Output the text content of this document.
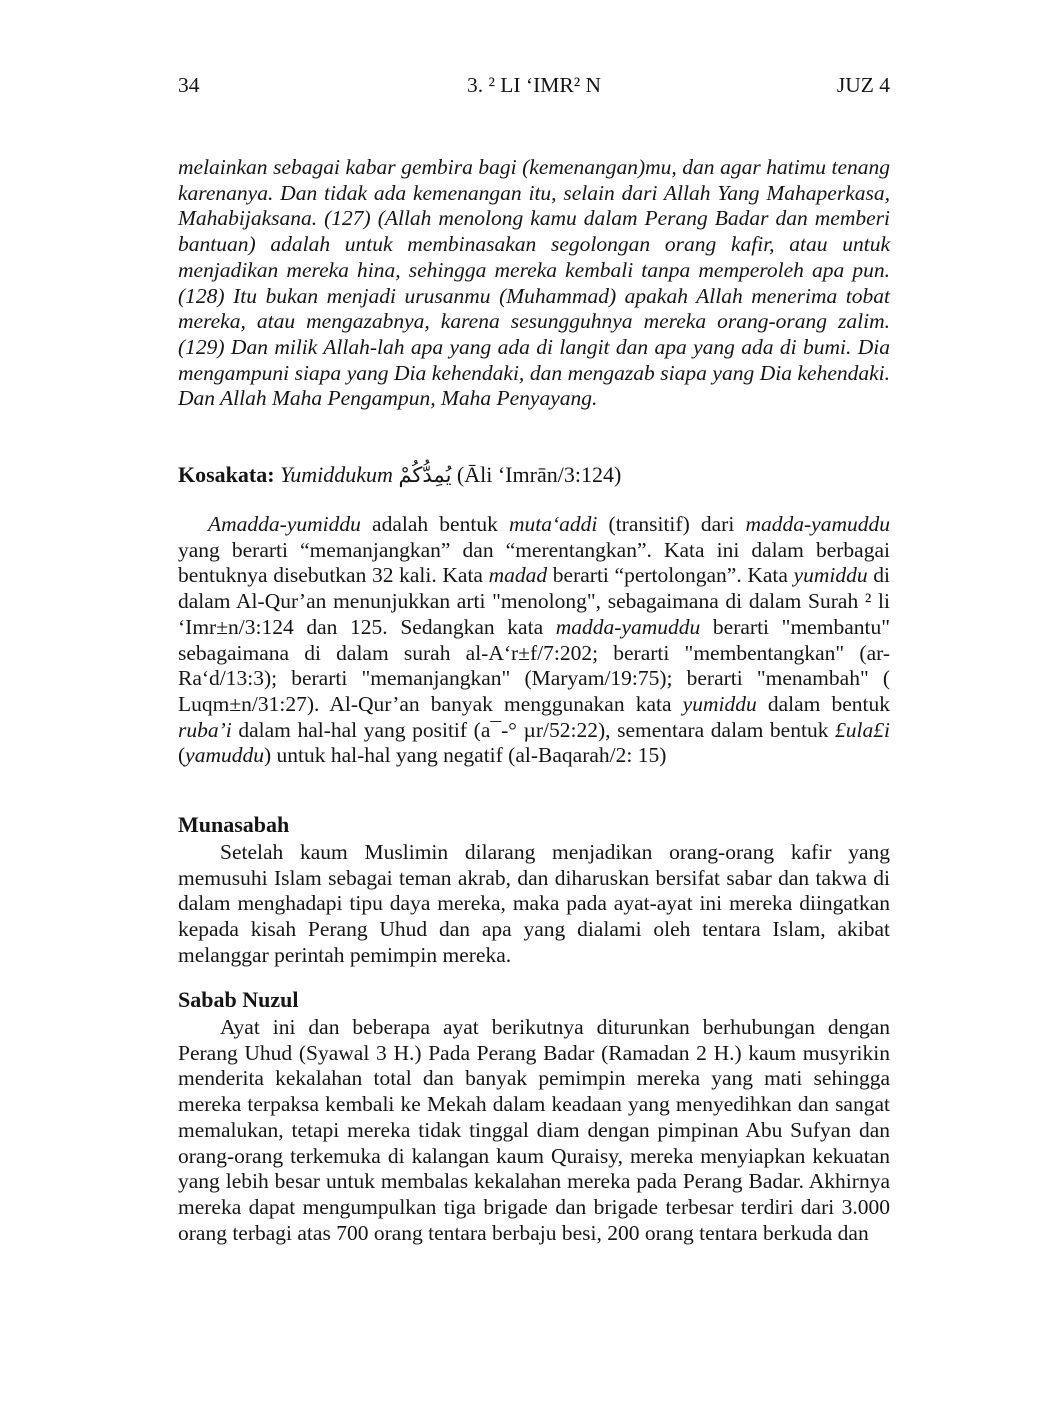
34	3. ² LI ‘IMR² N	JUZ 4

melainkan sebagai kabar gembira bagi (kemenangan)mu, dan agar hatimu tenang karenanya. Dan tidak ada kemenangan itu, selain dari Allah Yang Mahaperkasa, Mahabijaksana. (127) (Allah menolong kamu dalam Perang Badar dan memberi bantuan) adalah untuk membinasakan segolongan orang kafir, atau untuk menjadikan mereka hina, sehingga mereka kembali tanpa memperoleh apa pun. (128) Itu bukan menjadi urusanmu (Muhammad) apakah Allah menerima tobat mereka, atau mengazabnya, karena sesungguhnya mereka orang-orang zalim. (129) Dan milik Allah-lah apa yang ada di langit dan apa yang ada di bumi. Dia mengampuni siapa yang Dia kehendaki, dan mengazab siapa yang Dia kehendaki. Dan Allah Maha Pengampun, Maha Penyayang.

Kosakata: Yumiddukum يُمِدُّكُمْ (Āli ‘Imrān/3:124)

Amadda-yumiddu adalah bentuk muta‘addi (transitif) dari madda-yamuddu yang berarti “memanjangkan” dan “merentangkan”. Kata ini dalam berbagai bentuknya disebutkan 32 kali. Kata madad berarti “pertolongan”. Kata yumiddu di dalam Al-Qur’an menunjukkan arti "menolong", sebagaimana di dalam Surah ² li ‘Imr±n/3:124 dan 125. Sedangkan kata madda-yamuddu berarti "membantu" sebagaimana di dalam surah al-A‘r±f/7:202; berarti "membentangkan" (ar-Ra‘d/13:3); berarti "memanjangkan" (Maryam/19:75); berarti "menambah" ( Luqm±n/31:27). Al-Qur’an banyak menggunakan kata yumiddu dalam bentuk ruba’i dalam hal-hal yang positif (a¯-° µr/52:22), sementara dalam bentuk £ula£i (yamuddu) untuk hal-hal yang negatif (al-Baqarah/2: 15)

Munasabah

Setelah kaum Muslimin dilarang menjadikan orang-orang kafir yang memusuhi Islam sebagai teman akrab, dan diharuskan bersifat sabar dan takwa di dalam menghadapi tipu daya mereka, maka pada ayat-ayat ini mereka diingatkan kepada kisah Perang Uhud dan apa yang dialami oleh tentara Islam, akibat melanggar perintah pemimpin mereka.

Sabab Nuzul

Ayat ini dan beberapa ayat berikutnya diturunkan berhubungan dengan Perang Uhud (Syawal 3 H.) Pada Perang Badar (Ramadan 2 H.) kaum musyrikin menderita kekalahan total dan banyak pemimpin mereka yang mati sehingga mereka terpaksa kembali ke Mekah dalam keadaan yang menyedihkan dan sangat memalukan, tetapi mereka tidak tinggal diam dengan pimpinan Abu Sufyan dan orang-orang terkemuka di kalangan kaum Quraisy, mereka menyiapkan kekuatan yang lebih besar untuk membalas kekalahan mereka pada Perang Badar. Akhirnya mereka dapat mengumpulkan tiga brigade dan brigade terbesar terdiri dari 3.000 orang terbagi atas 700 orang tentara berbaju besi, 200 orang tentara berkuda dan
